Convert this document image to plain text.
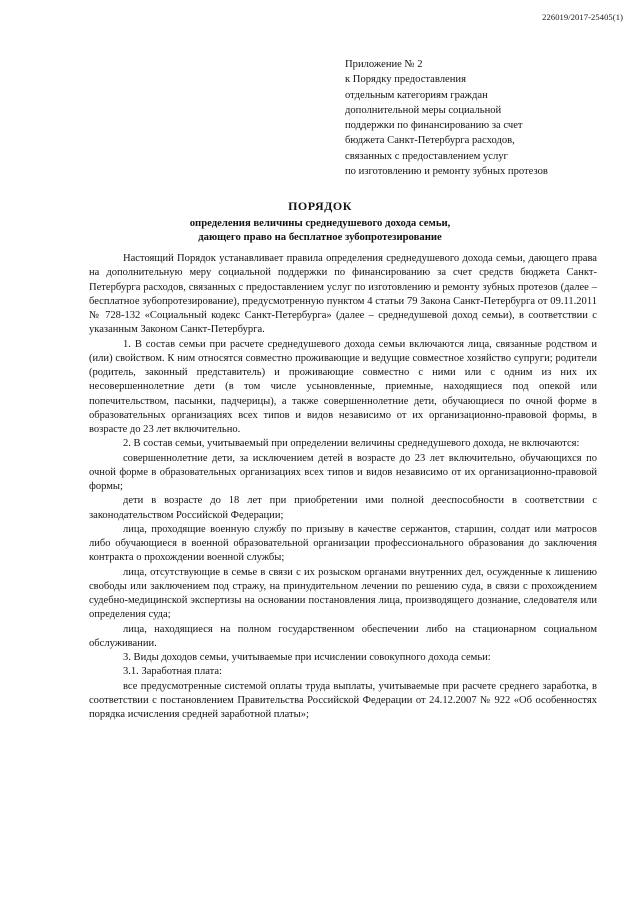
226019/2017-25405(1)
Приложение № 2
к Порядку предоставления
отдельным категориям граждан
дополнительной меры социальной
поддержки по финансированию за счет
бюджета Санкт-Петербурга расходов,
связанных с предоставлением услуг
по изготовлению и ремонту зубных протезов
ПОРЯДОК
определения величины среднедушевого дохода семьи,
дающего право на бесплатное зубопротезирование

Настоящий Порядок устанавливает правила определения среднедушевого дохода семьи, дающего права на дополнительную меру социальной поддержки по финансированию за счет средств бюджета Санкт-Петербурга расходов, связанных с предоставлением услуг по изготовлению и ремонту зубных протезов (далее – бесплатное зубопротезирование), предусмотренную пунктом 4 статьи 79 Закона Санкт-Петербурга от 09.11.2011 № 728-132 «Социальный кодекс Санкт-Петербурга» (далее – среднедушевой доход семьи), в соответствии с указанным Законом Санкт-Петербурга.

1. В состав семьи при расчете среднедушевого дохода семьи включаются лица, связанные родством и (или) свойством. К ним относятся совместно проживающие и ведущие совместное хозяйство супруги; родители (родитель, законный представитель) и проживающие совместно с ними или с одним из них их несовершеннолетние дети (в том числе усыновленные, приемные, находящиеся под опекой или попечительством, пасынки, падчерицы), а также совершеннолетние дети, обучающиеся по очной форме в образовательных организациях всех типов и видов независимо от их организационно-правовой формы, в возрасте до 23 лет включительно.

2. В состав семьи, учитываемый при определении величины среднедушевого дохода, не включаются:

совершеннолетние дети, за исключением детей в возрасте до 23 лет включительно, обучающихся по очной форме в образовательных организациях всех типов и видов независимо от их организационно-правовой формы;

дети в возрасте до 18 лет при приобретении ими полной дееспособности в соответствии с законодательством Российской Федерации;

лица, проходящие военную службу по призыву в качестве сержантов, старшин, солдат или матросов либо обучающиеся в военной образовательной организации профессионального образования до заключения контракта о прохождении военной службы;

лица, отсутствующие в семье в связи с их розыском органами внутренних дел, осужденные к лишению свободы или заключением под стражу, на принудительном лечении по решению суда, в связи с прохождением судебно-медицинской экспертизы на основании постановления лица, производящего дознание, следователя или определения суда;

лица, находящиеся на полном государственном обеспечении либо на стационарном социальном обслуживании.

3. Виды доходов семьи, учитываемые при исчислении совокупного дохода семьи:

3.1. Заработная плата:

все предусмотренные системой оплаты труда выплаты, учитываемые при расчете среднего заработка, в соответствии с постановлением Правительства Российской Федерации от 24.12.2007 № 922 «Об особенностях порядка исчисления средней заработной платы»;
